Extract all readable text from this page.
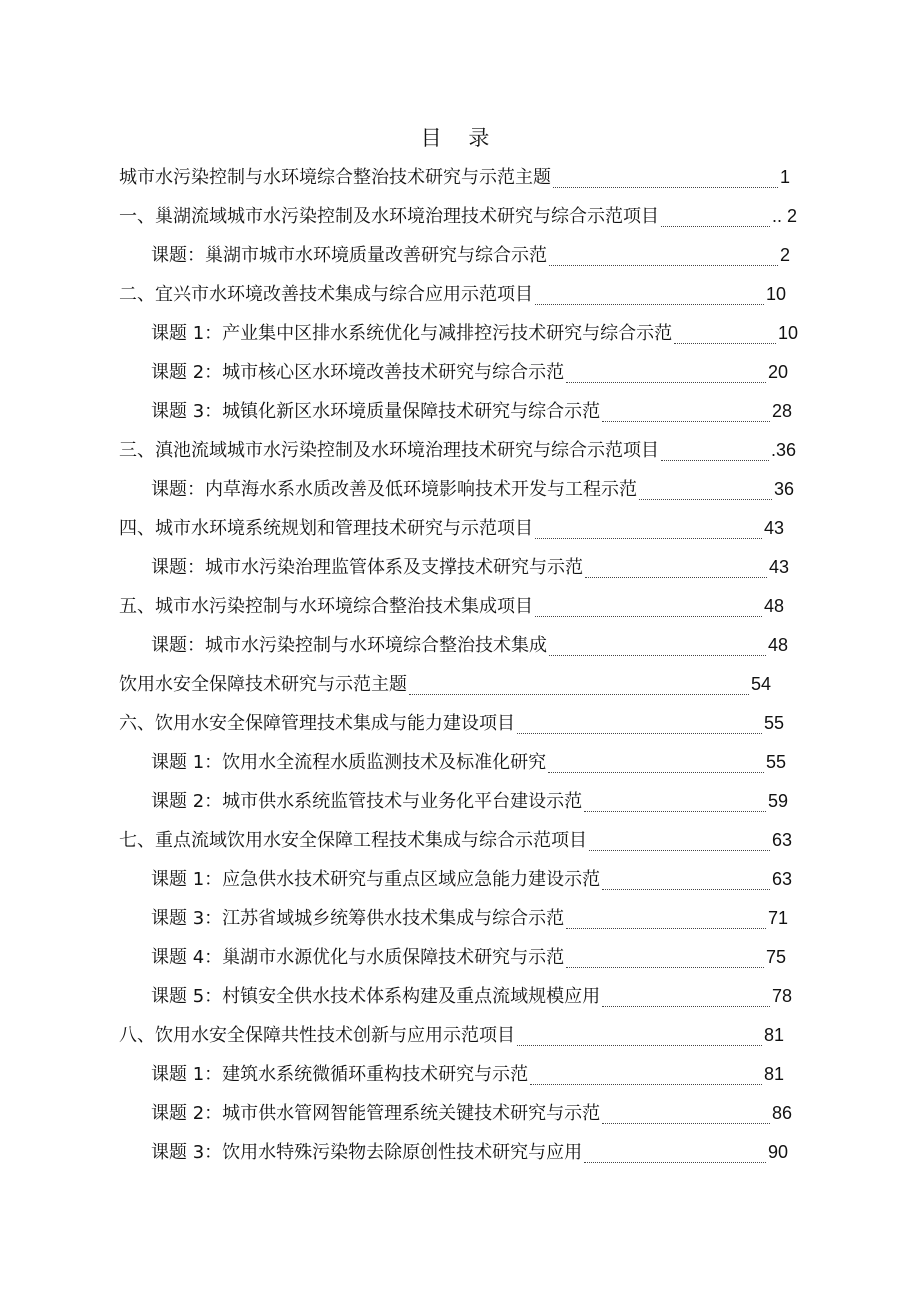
目 录
城市水污染控制与水环境综合整治技术研究与示范主题	1
一、巢湖流域城市水污染控制及水环境治理技术研究与综合示范项目	.. 2
课题：巢湖市城市水环境质量改善研究与综合示范	2
二、宜兴市水环境改善技术集成与综合应用示范项目	10
课题 1：产业集中区排水系统优化与减排控污技术研究与综合示范	10
课题 2：城市核心区水环境改善技术研究与综合示范	20
课题 3：城镇化新区水环境质量保障技术研究与综合示范	28
三、滇池流域城市水污染控制及水环境治理技术研究与综合示范项目	.36
课题：内草海水系水质改善及低环境影响技术开发与工程示范	36
四、城市水环境系统规划和管理技术研究与示范项目	43
课题：城市水污染治理监管体系及支撑技术研究与示范	43
五、城市水污染控制与水环境综合整治技术集成项目	48
课题：城市水污染控制与水环境综合整治技术集成	48
饮用水安全保障技术研究与示范主题	54
六、饮用水安全保障管理技术集成与能力建设项目	55
课题 1：饮用水全流程水质监测技术及标准化研究	55
课题 2：城市供水系统监管技术与业务化平台建设示范	59
七、重点流域饮用水安全保障工程技术集成与综合示范项目	63
课题 1：应急供水技术研究与重点区域应急能力建设示范	63
课题 3：江苏省域城乡统筹供水技术集成与综合示范	71
课题 4：巢湖市水源优化与水质保障技术研究与示范	75
课题 5：村镇安全供水技术体系构建及重点流域规模应用	78
八、饮用水安全保障共性技术创新与应用示范项目	81
课题 1：建筑水系统微循环重构技术研究与示范	81
课题 2：城市供水管网智能管理系统关键技术研究与示范	86
课题 3：饮用水特殊污染物去除原创性技术研究与应用	90
